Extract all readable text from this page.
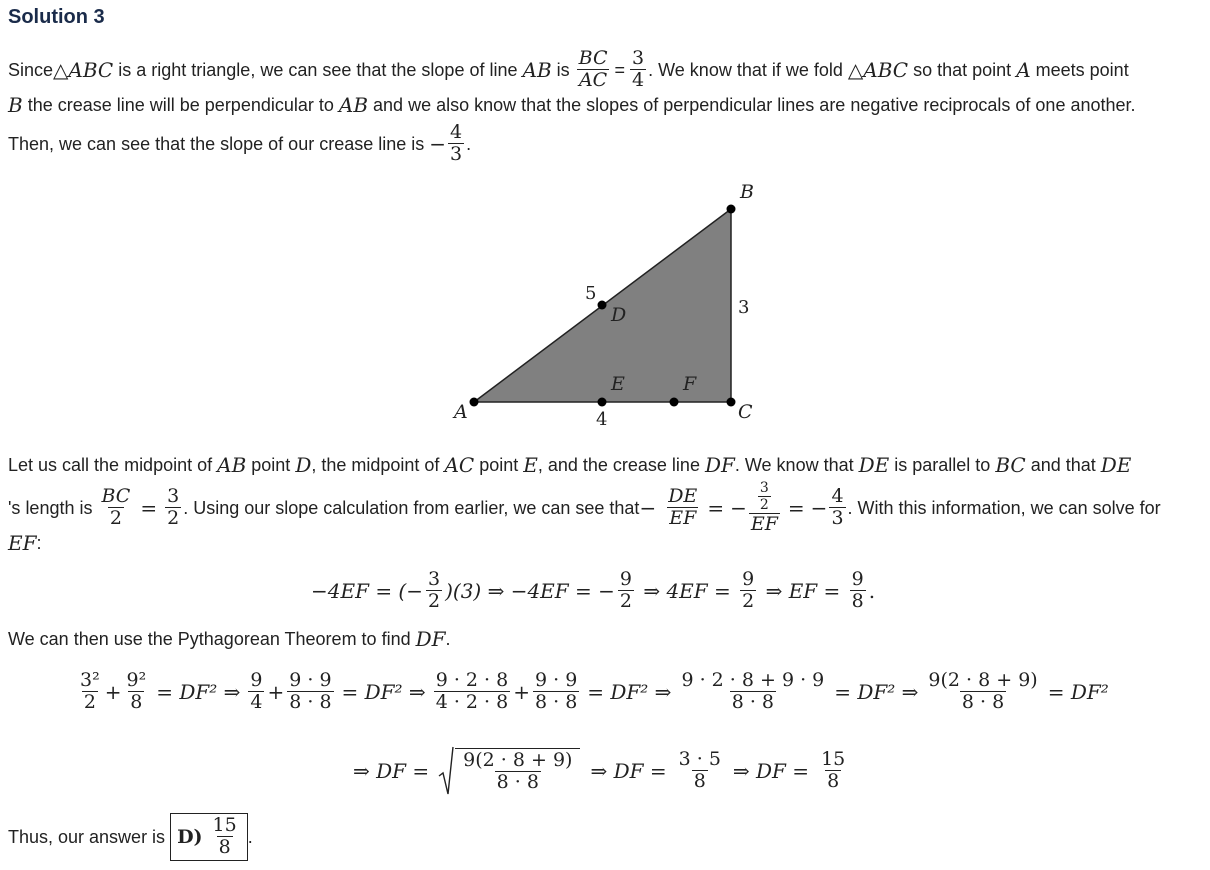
Solution 3
Since △ ABC is a right triangle, we can see that the slope of line AB is $\frac{BC}{AC} = \frac{3}{4}$ . We know that if we fold △ ABC so that point A meets point
B the crease line will be perpendicular to AB and we also know that the slopes of perpendicular lines are negative reciprocals of one another.
Then, we can see that the slope of our crease line is − $\frac{4}{3}$ .
B
A	C
D
E	F
5
3
4
Let us call the midpoint of AB point D , the midpoint of AC point E , and the crease line DF . We know that DE is parallel to BC and that DE
's length is $\frac{BC}{2} = \frac{3}{2}$ . Using our slope calculation from earlier, we can see that − $\frac{DE}{EF}$ = − $\frac{\frac{3}{2}}{EF}$ = − $\frac{4}{3}$ . With this information, we can solve for
EF :
−4EF = (− $\frac{3}{2} )(3)$ ⇒ −4EF = − $\frac{9}{2}$ ⇒ $4EF = \frac{9}{2}$ ⇒ EF = $\frac{9}{8}$ .
We can then use the Pythagorean Theorem to find DF .
$\frac{\text{3²}}{2} + \frac{\text{9²}}{8} = DF^2$ ⇒ $\frac{9}{4} + \frac{9 \cdot 9}{8 \cdot 8} = DF^2$ ⇒ $\frac{9 \cdot 2 \cdot 8}{4 \cdot 2 \cdot 8} + \frac{9 \cdot 9}{8 \cdot 8} = DF^2$ ⇒ $\frac{9 \cdot 2 \cdot 8 + 9 \cdot 9}{8 \cdot 8} = DF^2$ ⇒ $\frac{9(2 \cdot 8 + 9)}{8 \cdot 8} = DF^2$
⇒ DF = $\frac{9(2 \cdot 8 + 9)}{8 \cdot 8}$ ⇒ DF = $\frac{3 \cdot 5}{8}$ ⇒ DF = $\frac{15}{8}$
Thus, our answer is $D) \frac{15}{8}$ .
